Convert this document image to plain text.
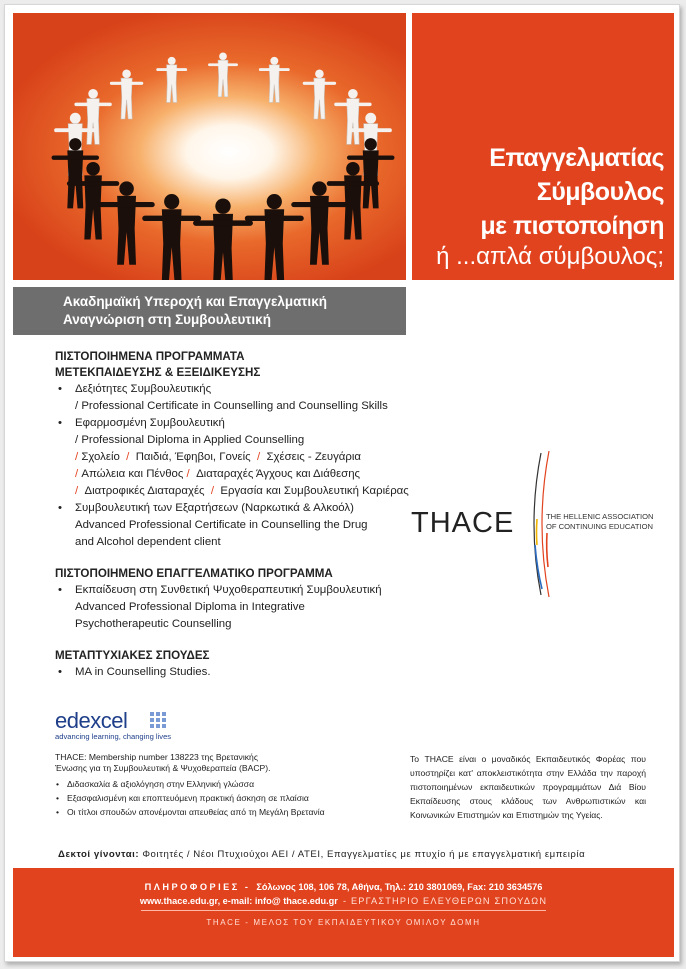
Επαγγελματίας
Σύμβουλος
με πιστοποίηση
ή ...απλά σύμβουλος;
Ακαδημαϊκή Υπεροχή και Επαγγελματική
Αναγνώριση στη Συμβουλευτική
ΠΙΣΤΟΠΟΙΗΜΕΝΑ ΠΡΟΓΡΑΜΜΑΤΑ
ΜΕΤΕΚΠΑΙΔΕΥΣΗΣ & ΕΞΕΙΔΙΚΕΥΣΗΣ
• Δεξιότητες Συμβουλευτικής
/ Professional Certificate in Counselling and Counselling Skills
• Εφαρμοσμένη Συμβουλευτική
/ Professional Diploma in Applied Counselling
/ Σχολείο / Παιδιά, Έφηβοι, Γονείς / Σχέσεις - Ζευγάρια
/ Απώλεια και Πένθος / Διαταραχές Άγχους και Διάθεσης
/ Διατροφικές Διαταραχές / Εργασία και Συμβουλευτική Καριέρας
• Συμβουλευτική των Εξαρτήσεων (Ναρκωτικά & Αλκοόλ)
Advanced Professional Certificate in Counselling the Drug
and Alcohol dependent client
ΠΙΣΤΟΠΟΙΗΜΕΝΟ ΕΠΑΓΓΕΛΜΑΤΙΚΟ ΠΡΟΓΡΑΜΜΑ
• Εκπαίδευση στη Συνθετική Ψυχοθεραπευτική Συμβουλευτική
Advanced Professional Diploma in Integrative
Psychotherapeutic Counselling
ΜΕΤΑΠΤΥΧΙΑΚΕΣ ΣΠΟΥΔΕΣ
• MA in Counselling Studies.
THACE	THE HELLENIC ASSOCIATION
OF CONTINUING EDUCATION
edexcel
advancing learning, changing lives
THACE: Membership number 138223 της Βρετανικής
Ένωσης για τη Συμβουλευτική & Ψυχοθεραπεία (BACP).
• Διδασκαλία & αξιολόγηση στην Ελληνική γλώσσα
• Εξασφαλισμένη και εποπτευόμενη πρακτική άσκηση σε πλαίσια
• Οι τίτλοι σπουδών απονέμονται απευθείας από τη Μεγάλη Βρετανία
Το THACE είναι ο μοναδικός Εκπαιδευτικός Φορέας που υποστηρίζει κατ' αποκλειστικότητα στην Ελλάδα την παροχή πιστοποιημένων εκπαιδευτικών προγραμμάτων Διά Βίου Εκπαίδευσης στους κλάδους των Ανθρωπιστικών και Κοινωνικών Επιστημών και Επιστημών της Υγείας.
Δεκτοί γίνονται: Φοιτητές / Νέοι Πτυχιούχοι ΑΕΙ / ΑΤΕΙ, Επαγγελματίες με πτυχίο ή με επαγγελματική εμπειρία
ΠΛΗΡΟΦΟΡΙΕΣ - Σόλωνος 108, 106 78, Αθήνα, Τηλ.: 210 3801069, Fax: 210 3634576
www.thace.edu.gr, e-mail: info@ thace.edu.gr - ΕΡΓΑΣΤΗΡΙΟ ΕΛΕΥΘΕΡΩΝ ΣΠΟΥΔΩΝ
THACE - ΜΕΛΟΣ ΤΟΥ ΕΚΠΑΙΔΕΥΤΙΚΟΥ ΟΜΙΛΟΥ ΔΟΜΗ
